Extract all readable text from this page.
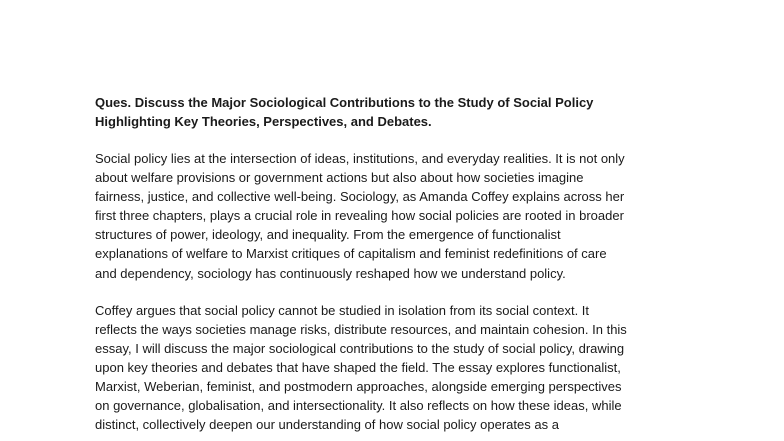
Ques. Discuss the Major Sociological Contributions to the Study of Social Policy
Highlighting Key Theories, Perspectives, and Debates.
Social policy lies at the intersection of ideas, institutions, and everyday realities. It is not only
about welfare provisions or government actions but also about how societies imagine
fairness, justice, and collective well-being. Sociology, as Amanda Coffey explains across her
first three chapters, plays a crucial role in revealing how social policies are rooted in broader
structures of power, ideology, and inequality. From the emergence of functionalist
explanations of welfare to Marxist critiques of capitalism and feminist redefinitions of care
and dependency, sociology has continuously reshaped how we understand policy.
Coffey argues that social policy cannot be studied in isolation from its social context. It
reflects the ways societies manage risks, distribute resources, and maintain cohesion. In this
essay, I will discuss the major sociological contributions to the study of social policy, drawing
upon key theories and debates that have shaped the field. The essay explores functionalist,
Marxist, Weberian, feminist, and postmodern approaches, alongside emerging perspectives
on governance, globalisation, and intersectionality. It also reflects on how these ideas, while
distinct, collectively deepen our understanding of how social policy operates as a
